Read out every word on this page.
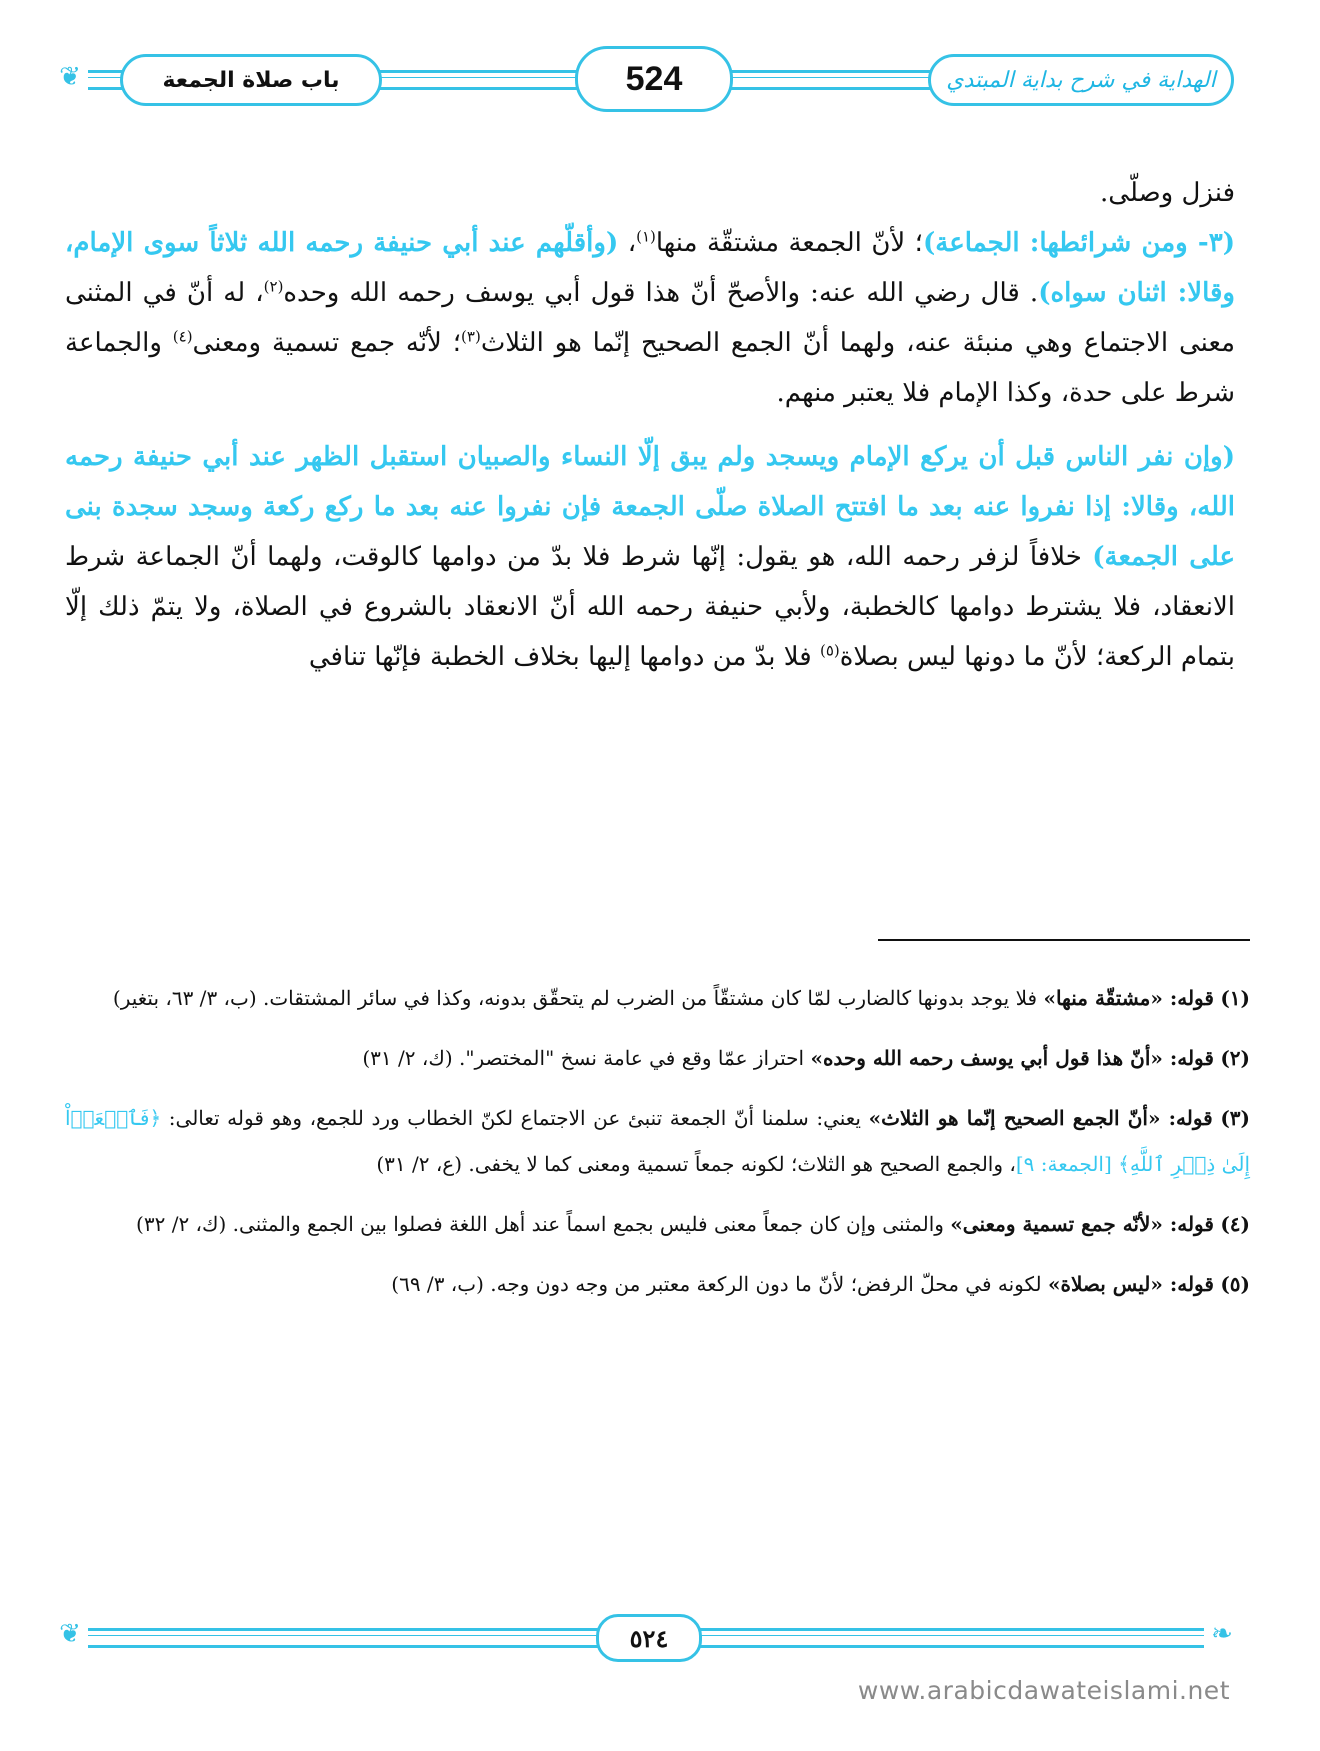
❦	باب صلاة الجمعة	524	الهداية في شرح بداية المبتدي

فنزل وصلّى.

(٣- ومن شرائطها: الجماعة)؛ لأنّ الجمعة مشتقّة منها$^{(١)}$، (وأقلّهم عند أبي حنيفة رحمه الله ثلاثاً سوى الإمام، وقالا: اثنان سواه). قال رضي الله عنه: والأصحّ أنّ هذا قول أبي يوسف رحمه الله وحده$^{(٢)}$، له أنّ في المثنى معنى الاجتماع وهي منبئة عنه، ولهما أنّ الجمع الصحيح إنّما هو الثلاث$^{(٣)}$؛ لأنّه جمع تسمية ومعنى$^{(٤)}$ والجماعة شرط على حدة، وكذا الإمام فلا يعتبر منهم.

(وإن نفر الناس قبل أن يركع الإمام ويسجد ولم يبق إلّا النساء والصبيان استقبل الظهر عند أبي حنيفة رحمه الله، وقالا: إذا نفروا عنه بعد ما افتتح الصلاة صلّى الجمعة فإن نفروا عنه بعد ما ركع ركعة وسجد سجدة بنى على الجمعة) خلافاً لزفر رحمه الله، هو يقول: إنّها شرط فلا بدّ من دوامها كالوقت، ولهما أنّ الجماعة شرط الانعقاد، فلا يشترط دوامها كالخطبة، ولأبي حنيفة رحمه الله أنّ الانعقاد بالشروع في الصلاة، ولا يتمّ ذلك إلّا بتمام الركعة؛ لأنّ ما دونها ليس بصلاة$^{(٥)}$ فلا بدّ من دوامها إليها بخلاف الخطبة فإنّها تنافي

(١) قوله: «مشتقّة منها» فلا يوجد بدونها كالضارب لمّا كان مشتقّاً من الضرب لم يتحقّق بدونه، وكذا في سائر المشتقات. (ب، ٣/ ٦٣، بتغير)

(٢) قوله: «أنّ هذا قول أبي يوسف رحمه الله وحده» احتراز عمّا وقع في عامة نسخ "المختصر". (ك، ٢/ ٣١)

(٣) قوله: «أنّ الجمع الصحيح إنّما هو الثلاث» يعني: سلمنا أنّ الجمعة تنبئ عن الاجتماع لكنّ الخطاب ورد للجمع، وهو قوله تعالى: ﴿فَٱسۡعَوۡاْ إِلَىٰ ذِكۡرِ ٱللَّهِ﴾ [الجمعة: ٩]، والجمع الصحيح هو الثلاث؛ لكونه جمعاً تسمية ومعنى كما لا يخفى. (ع، ٢/ ٣١)

(٤) قوله: «لأنّه جمع تسمية ومعنى» والمثنى وإن كان جمعاً معنى فليس بجمع اسماً عند أهل اللغة فصلوا بين الجمع والمثنى. (ك، ٢/ ٣٢)

(٥) قوله: «ليس بصلاة» لكونه في محلّ الرفض؛ لأنّ ما دون الركعة معتبر من وجه دون وجه. (ب، ٣/ ٦٩)

❦	❧
٥٢٤
www.arabicdawateislami.net
